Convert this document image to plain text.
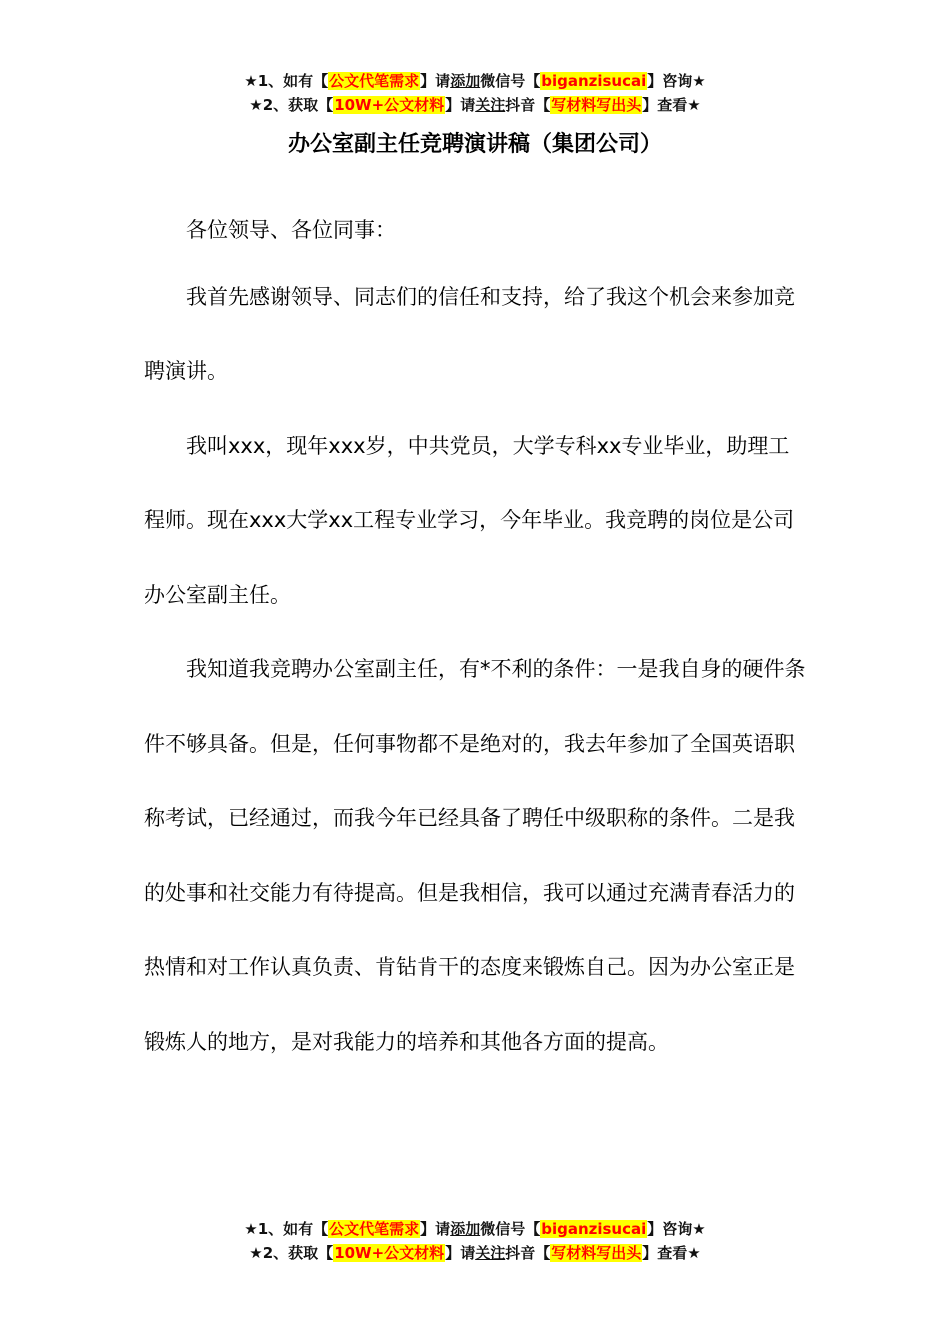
★1、如有【公文代笔需求】请添加微信号【biganzisucai】咨询★
★2、获取【10W+公文材料】请关注抖音【写材料写出头】查看★
办公室副主任竞聘演讲稿（集团公司）

各位领导、各位同事：

我首先感谢领导、同志们的信任和支持，给了我这个机会来参加竞聘演讲。

我叫xxx，现年xxx岁，中共党员，大学专科xx专业毕业，助理工程师。现在xxx大学xx工程专业学习，今年毕业。我竞聘的岗位是公司办公室副主任。

我知道我竞聘办公室副主任，有*不利的条件：一是我自身的硬件条件不够具备。但是，任何事物都不是绝对的，我去年参加了全国英语职称考试，已经通过，而我今年已经具备了聘任中级职称的条件。二是我的处事和社交能力有待提高。但是我相信，我可以通过充满青春活力的热情和对工作认真负责、肯钻肯干的态度来锻炼自己。因为办公室正是锻炼人的地方，是对我能力的培养和其他各方面的提高。

★1、如有【公文代笔需求】请添加微信号【biganzisucai】咨询★
★2、获取【10W+公文材料】请关注抖音【写材料写出头】查看★
